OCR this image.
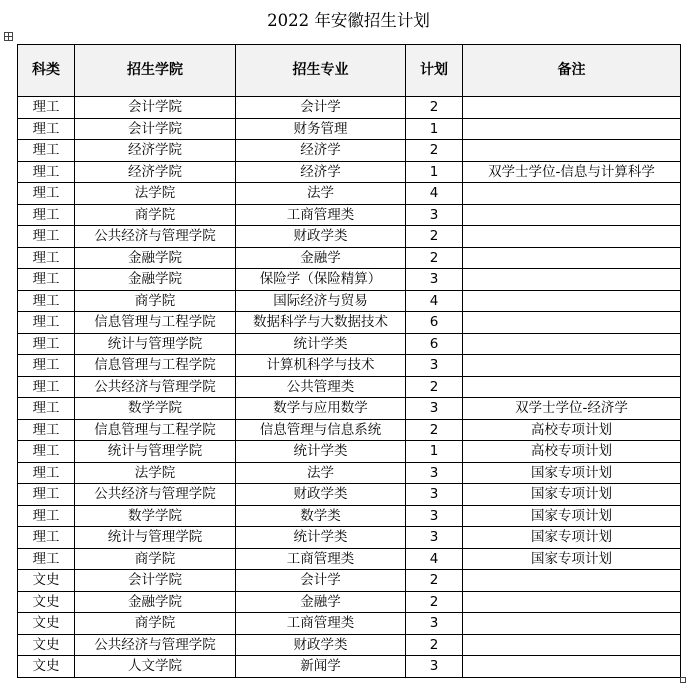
2022 年安徽招生计划
科类	招生学院	招生专业	计划	备注
理工	会计学院	会计学	2	
理工	会计学院	财务管理	1	
理工	经济学院	经济学	2	
理工	经济学院	经济学	1	双学士学位-信息与计算科学
理工	法学院	法学	4	
理工	商学院	工商管理类	3	
理工	公共经济与管理学院	财政学类	2	
理工	金融学院	金融学	2	
理工	金融学院	保险学（保险精算）	3	
理工	商学院	国际经济与贸易	4	
理工	信息管理与工程学院	数据科学与大数据技术	6	
理工	统计与管理学院	统计学类	6	
理工	信息管理与工程学院	计算机科学与技术	3	
理工	公共经济与管理学院	公共管理类	2	
理工	数学学院	数学与应用数学	3	双学士学位-经济学
理工	信息管理与工程学院	信息管理与信息系统	2	高校专项计划
理工	统计与管理学院	统计学类	1	高校专项计划
理工	法学院	法学	3	国家专项计划
理工	公共经济与管理学院	财政学类	3	国家专项计划
理工	数学学院	数学类	3	国家专项计划
理工	统计与管理学院	统计学类	3	国家专项计划
理工	商学院	工商管理类	4	国家专项计划
文史	会计学院	会计学	2	
文史	金融学院	金融学	2	
文史	商学院	工商管理类	3	
文史	公共经济与管理学院	财政学类	2	
文史	人文学院	新闻学	3	
